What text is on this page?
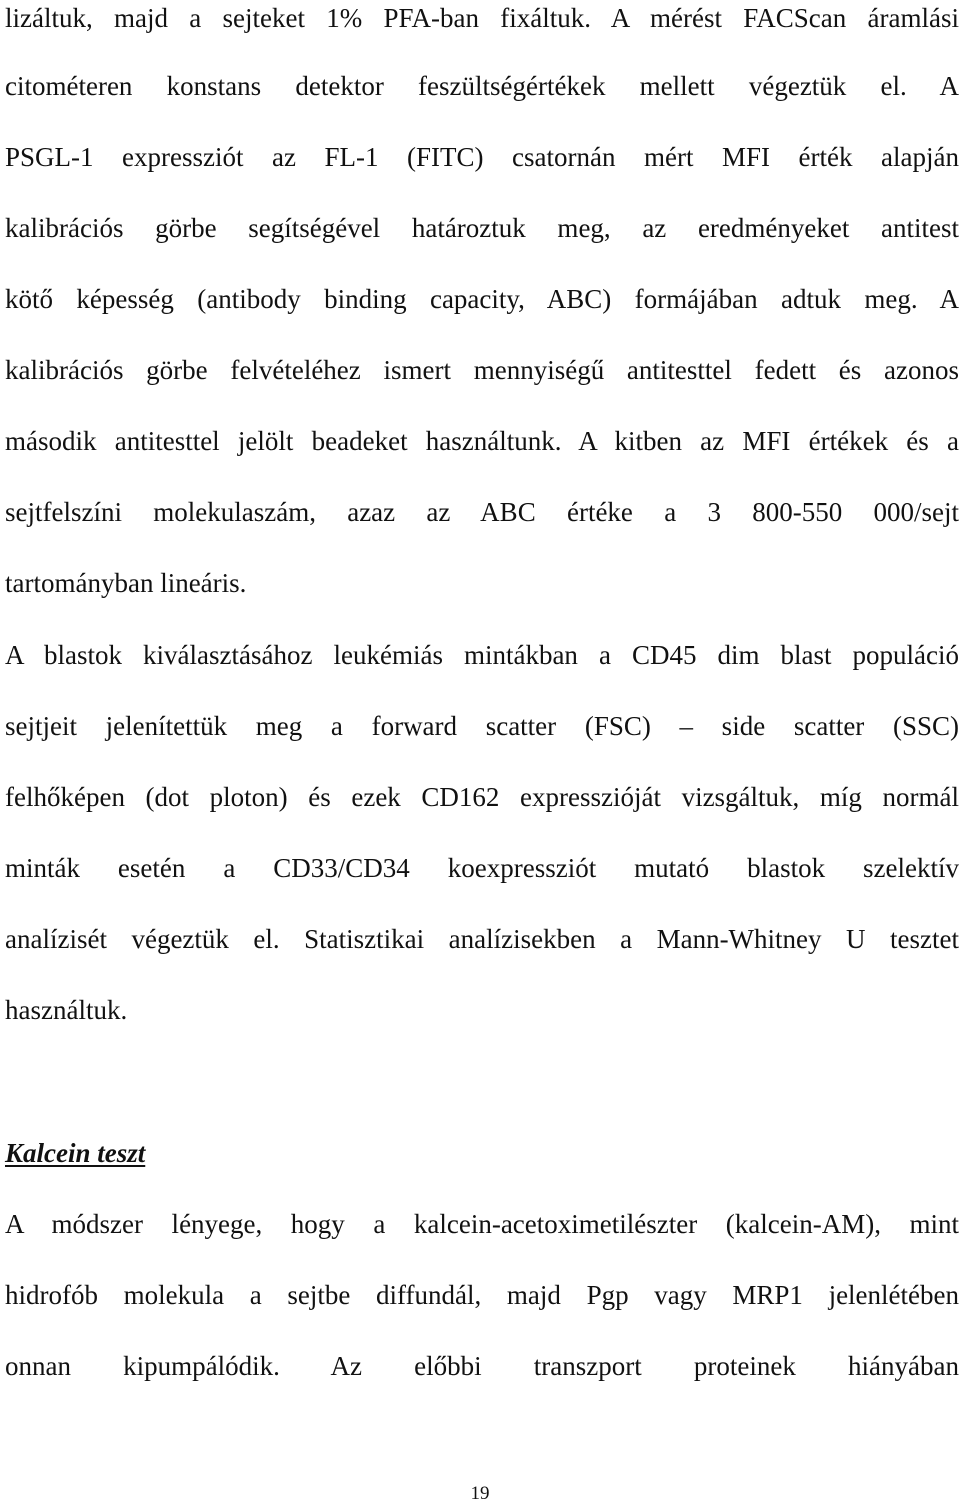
lizáltuk, majd a sejteket 1% PFA-ban fixáltuk. A mérést FACScan áramlási
citométeren konstans detektor feszültségértékek mellett végeztük el. A
PSGL-1 expressziót az FL-1 (FITC) csatornán mért MFI érték alapján
kalibrációs görbe segítségével határoztuk meg, az eredményeket antitest
kötő képesség (antibody binding capacity, ABC) formájában adtuk meg. A
kalibrációs görbe felvételéhez ismert mennyiségű antitesttel fedett és azonos
második antitesttel jelölt beadeket használtunk. A kitben az MFI értékek és a
sejtfelszíni molekulaszám, azaz az ABC értéke a 3 800-550 000/sejt
tartományban lineáris.
A blastok kiválasztásához leukémiás mintákban a CD45 dim blast populáció
sejtjeit jelenítettük meg a forward scatter (FSC) – side scatter (SSC)
felhőképen (dot ploton) és ezek CD162 expresszióját vizsgáltuk, míg normál
minták esetén a CD33/CD34 koexpressziót mutató blastok szelektív
analízisét végeztük el. Statisztikai analízisekben a Mann-Whitney U tesztet
használtuk.
Kalcein teszt
A módszer lényege, hogy a kalcein-acetoximetilészter (kalcein-AM), mint
hidrofób molekula a sejtbe diffundál, majd Pgp vagy MRP1 jelenlétében
onnan kipumpálódik. Az előbbi transzport proteinek hiányában
19
